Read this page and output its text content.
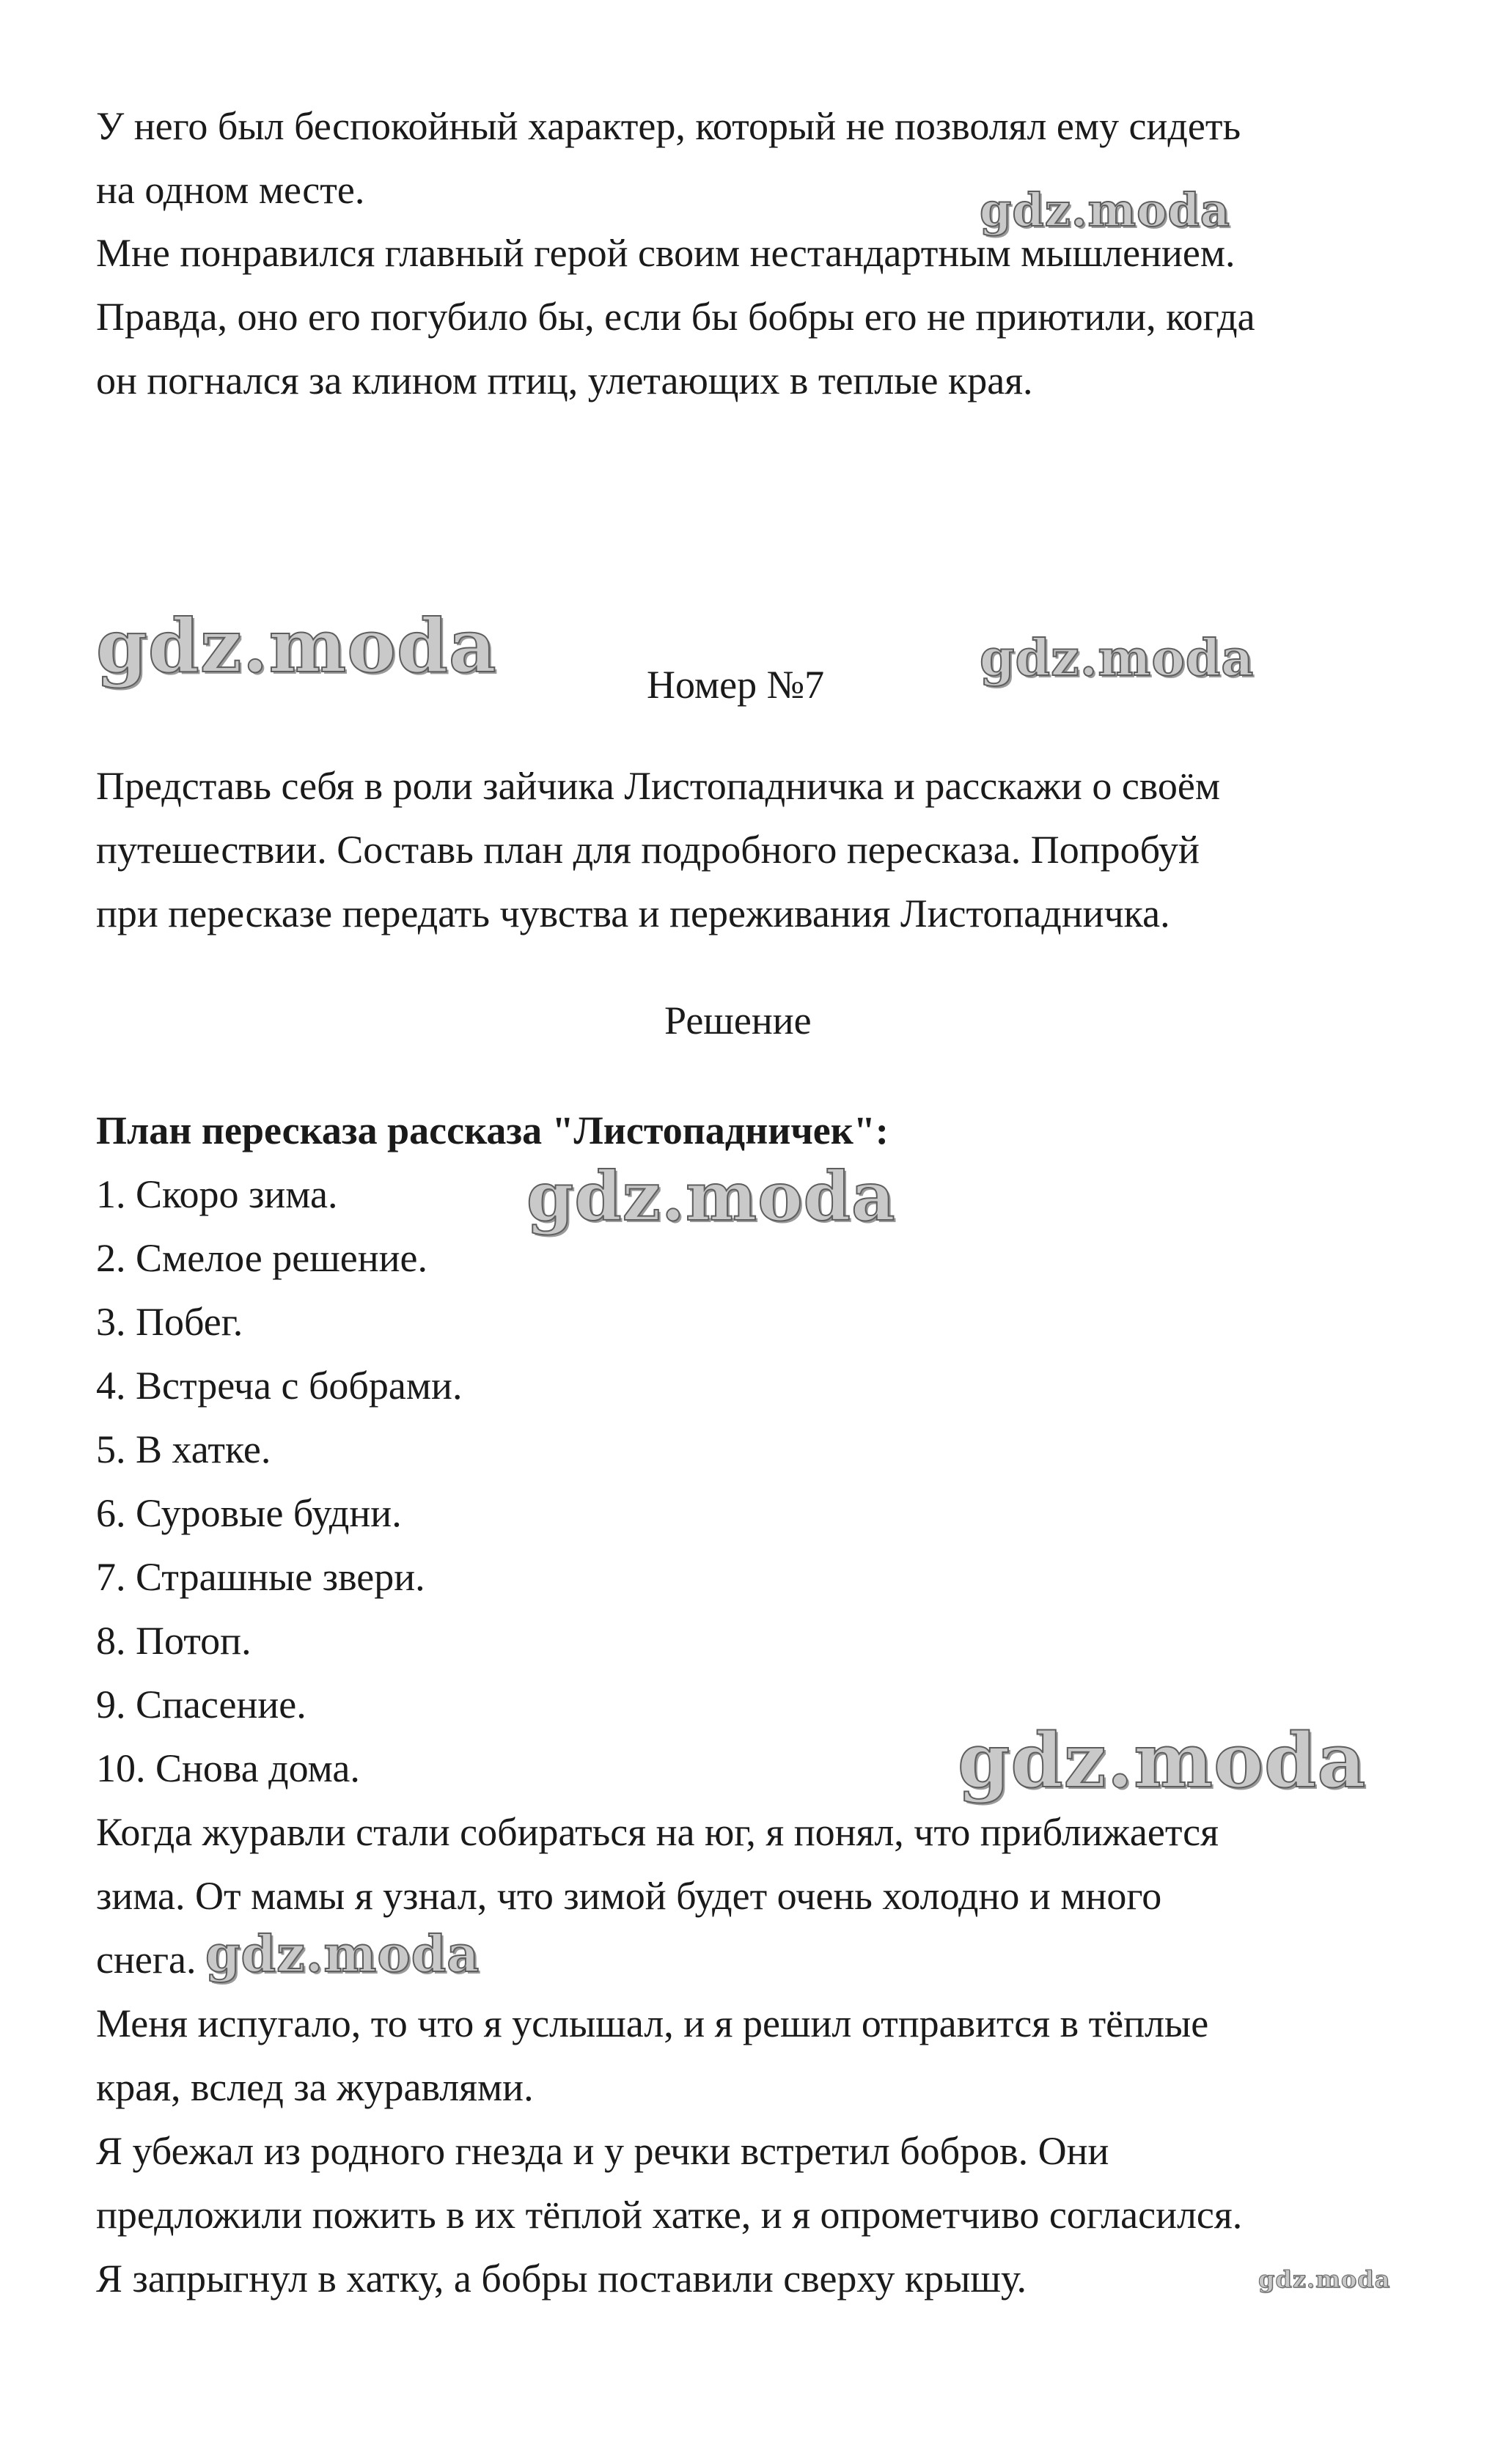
У него был беспокойный характер, который не позволял ему сидеть
на одном месте.
Мне понравился главный герой своим нестандартным мышлением.
Правда, оно его погубило бы, если бы бобры его не приютили, когда
он погнался за клином птиц, улетающих в теплые края.
Номер №7
Представь себя в роли зайчика Листопадничка и расскажи о своём
путешествии. Составь план для подробного пересказа. Попробуй
при пересказе передать чувства и переживания Листопадничка.
Решение
План пересказа рассказа "Листопадничек":
1. Скоро зима.
2. Смелое решение.
3. Побег.
4. Встреча с бобрами.
5. В хатке.
6. Суровые будни.
7. Страшные звери.
8. Потоп.
9. Спасение.
10. Снова дома.
Когда журавли стали собираться на юг, я понял, что приближается
зима. От мамы я узнал, что зимой будет очень холодно и много
снега.
Меня испугало, то что я услышал, и я решил отправится в тёплые
края, вслед за журавлями.
Я убежал из родного гнезда и у речки встретил бобров. Они
предложили пожить в их тёплой хатке, и я опрометчиво согласился.
Я запрыгнул в хатку, а бобры поставили сверху крышу.
gdz.moda
gdz.moda	gdz.moda
gdz.moda
gdz.moda
gdz.moda
gdz.moda
